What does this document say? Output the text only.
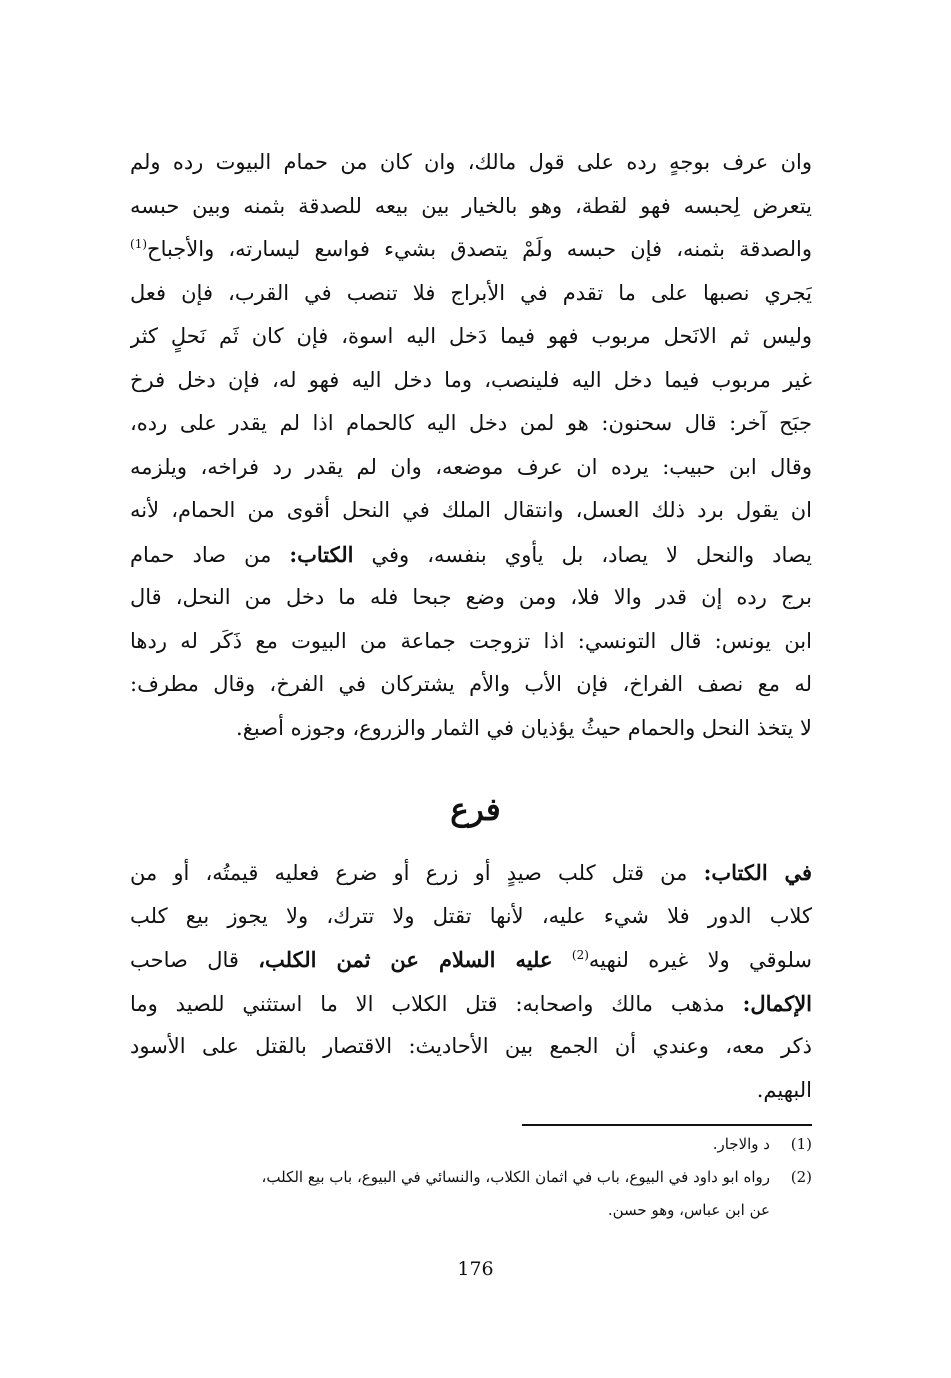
وان عرف بوجهٍ رده على قول مالك، وان كان من حمام البيوت رده ولم
يتعرض لِحبسه فهو لقطة، وهو بالخيار بين بيعه للصدقة بثمنه وبين حبسه
والصدقة بثمنه، فإن حبسه ولَمْ يتصدق بشيء فواسع ليسارته، والأجباح$^{(1)}$
يَجري نصبها على ما تقدم في الأبراج فلا تنصب في القرب، فإن فعل
وليس ثم الانَحل مربوب فهو فيما دَخل اليه اسوة، فإن كان ثَم نَحلٍ كثر
غير مربوب فيما دخل اليه فلينصب، وما دخل اليه فهو له، فإن دخل فرخ
جبَح آخر: قال سحنون: هو لمن دخل اليه كالحمام اذا لم يقدر على رده،
وقال ابن حبيب: يرده ان عرف موضعه، وان لم يقدر رد فراخه، ويلزمه
ان يقول برد ذلك العسل، وانتقال الملك في النحل أقوى من الحمام، لأنه
يصاد والنحل لا يصاد، بل يأوي بنفسه، وفي الكتاب: من صاد حمام
برج رده إن قدر والا فلا، ومن وضع جبحا فله ما دخل من النحل، قال
ابن يونس: قال التونسي: اذا تزوجت جماعة من البيوت مع ذَكَر له ردها
له مع نصف الفراخ، فإن الأب والأم يشتركان في الفرخ، وقال مطرف:
لا يتخذ النحل والحمام حيثُ يؤذيان في الثمار والزروع، وجوزه أصبغ.
فرع
في الكتاب: من قتل كلب صيدٍ أو زرع أو ضرع فعليه قيمتُه، أو من
كلاب الدور فلا شيء عليه، لأنها تقتل ولا تترك، ولا يجوز بيع كلب
سلوقي ولا غيره لنهيه$^{(2)}$ عليه السلام عن ثمن الكلب، قال صاحب
الإكمال: مذهب مالك واصحابه: قتل الكلاب الا ما استثني للصيد وما
ذكر معه، وعندي أن الجمع بين الأحاديث: الاقتصار بالقتل على الأسود
البهيم.
(1)
د والاجار.
(2)
رواه ابو داود في البيوع، باب في اثمان الكلاب، والنسائي في البيوع، باب بيع الكلب،
عن ابن عباس، وهو حسن.
176
